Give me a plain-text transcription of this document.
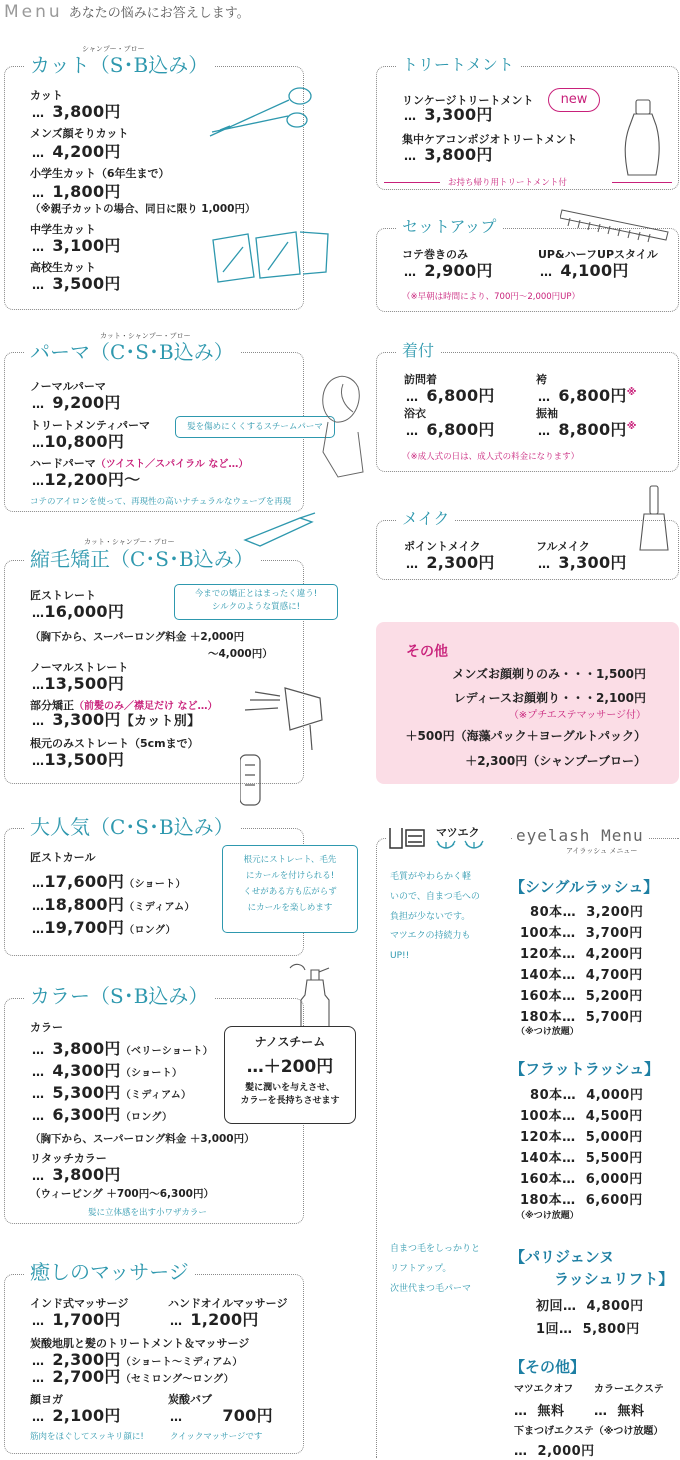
Menu あなたの悩みにお答えします。
シャンプー・ブロー
カット（S･B込み）
カット
… 3,800円
メンズ顔そりカット
… 4,200円
小学生カット（6年生まで）
… 1,800円
（※親子カットの場合、同日に限り 1,000円）
中学生カット
… 3,100円
高校生カット
… 3,500円
カット・シャンプー・ブロー
パーマ（C･S･B込み）
ノーマルパーマ
… 9,200円
トリートメンティパーマ
…10,800円
髪を傷めにくくするスチームパーマ
ハードパーマ（ツイスト／スパイラル など…）
…12,200円～
コテのアイロンを使って、再現性の高いナチュラルなウェーブを再現
カット・シャンプー・ブロー
縮毛矯正（C･S･B込み）
匠ストレート
…16,000円
今までの矯正とはまったく違う!
シルクのような質感に!
（胸下から、スーパーロング料金 ＋2,000円
～4,000円）
ノーマルストレート
…13,500円
部分矯正（前髪のみ／襟足だけ など…）
… 3,300円【カット別】
根元のみストレート（5cmまで）
…13,500円
大人気（C･S･B込み）
匠ストカール
…17,600円（ショート）
…18,800円（ミディアム）
…19,700円（ロング）
根元にストレート、毛先
にカールを付けられる!
くせがある方も広がらず
にカールを楽しめます
カラー（S･B込み）
カラー
… 3,800円（ベリーショート）
… 4,300円（ショート）
… 5,300円（ミディアム）
… 6,300円（ロング）
（胸下から、スーパーロング料金 ＋3,000円）
リタッチカラー
… 3,800円
（ウィービング ＋700円～6,300円）
髪に立体感を出す小ワザカラー
ナノスチーム
…＋200円
髪に潤いを与えさせ、
カラーを長持ちさせます
癒しのマッサージ
インド式マッサージ
… 1,700円
ハンドオイルマッサージ
… 1,200円
炭酸地肌と髪のトリートメント＆マッサージ
… 2,300円（ショート～ミディアム）
… 2,700円（セミロング～ロング）
顔ヨガ
… 2,100円
筋肉をほぐしてスッキリ顔に!
炭酸バブ
…	700円
クイックマッサージです
トリートメント
リンケージトリートメント	new
… 3,300円
集中ケアコンポジオトリートメント
… 3,800円
お持ち帰り用トリートメント付
セットアップ
コテ巻きのみ
… 2,900円
UP&ハーフUPスタイル
… 4,100円
（※早朝は時間により、700円～2,000円UP）
着付
訪問着
… 6,800円
袴
… 6,800円※
浴衣
… 6,800円
振袖
… 8,800円※
（※成人式の日は、成人式の料金になります）
メイク
ポイントメイク
… 2,300円
フルメイク
… 3,300円
その他
メンズお顔剃りのみ・・・1,500円
レディースお顔剃り・・・2,100円
（※プチエステマッサージ付）
＋500円（海藻パック＋ヨーグルトパック）
＋2,300円（シャンプーブロー）
マツエク eyelash Menu
アイラッシュ メニュー
毛質がやわらかく軽
いので、自まつ毛への
負担が少ないです。
マツエクの持続力も
UP!!
【シングルラッシュ】
80本…  3,200円
100本…  3,700円
120本…  4,200円
140本…  4,700円
160本…  5,200円
180本…  5,700円
（※つけ放題）
【フラットラッシュ】
80本…  4,000円
100本…  4,500円
120本…  5,000円
140本…  5,500円
160本…  6,000円
180本…  6,600円
（※つけ放題）
自まつ毛をしっかりと
リフトアップ。
次世代まつ毛パーマ
【パリジェンヌ
ラッシュリフト】
初回…  4,800円
1回…  5,800円
【その他】
マツエクオフ カラーエクステ
…  無料 …  無料
下まつげエクステ（※つけ放題）
…  2,000円
